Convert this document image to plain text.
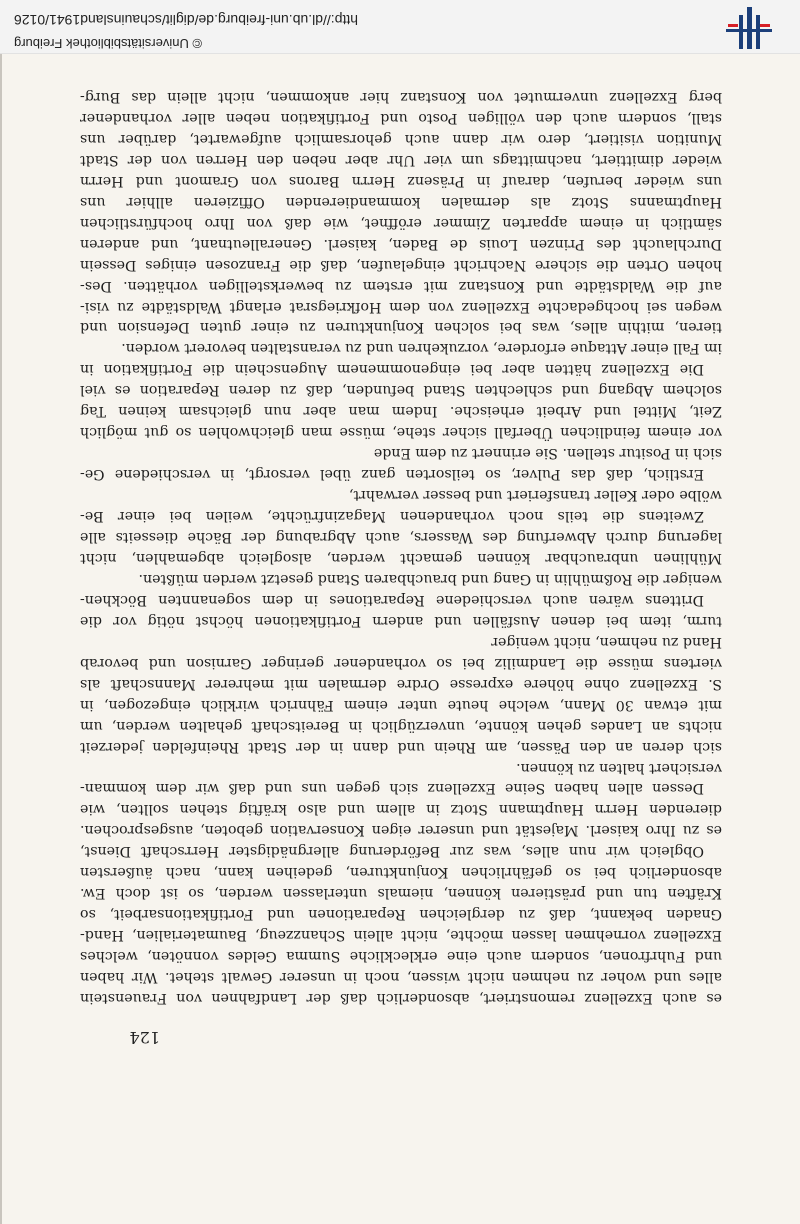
124
es auch Exzellenz remonstriert, absonderlich daß der Landfahnen von Frauenstein
alles und woher zu nehmen nicht wissen, noch in unserer Gewalt stehet. Wir haben
und Fuhrfronen, sondern auch eine erkleckliche Summa Geldes vonnöten, welches
Exzellenz vornehmen lassen möchte, nicht allein Schanzzeug, Baumaterialien, Hand-
Gnaden bekannt, daß zu dergleichen Reparationen und Fortifikationsarbeit, so
Kräften tun und prästieren können, niemals unterlassen werden, so ist doch Ew.
absonderlich bei so gefährlichen Konjunkturen, gedeihen kann, nach äußersten
Obgleich wir nun alles, was zur Beförderung allergnädigster Herrschaft Dienst,
es zu Ihro kaiserl. Majestät und unserer eigen Konservation geboten, ausgesprochen.
dierenden Herrn Hauptmann Stotz in allem und also kräftig stehen sollten, wie
Dessen allen haben Seine Exzellenz sich gegen uns und daß wir dem komman-
versichert halten zu können.
sich deren an den Pässen, am Rhein und dann in der Stadt Rheinfelden jederzeit
nichts an Landes gehen könnte, unverzüglich in Bereitschaft gehalten werden, um
mit etwan 30 Mann, welche heute unter einem Fähnrich wirklich eingezogen, in
S. Exzellenz ohne höhere expresse Ordre dermalen mit mehrerer Mannschaft als
viertens müsse die Landmiliz bei so vorhandener geringer Garnison und bevorab
Hand zu nehmen, nicht weniger
turm, item bei denen Ausfällen und andern Fortifikationen höchst nötig vor die
Drittens wären auch verschiedene Reparationes in dem sogenannten Böckhen-
weniger die Roßmühlin in Gang und brauchbaren Stand gesetzt werden müßten.
Mühlinen unbrauchbar können gemacht werden, alsogleich abgemahlen, nicht
lagerung durch Abwerfung des Wassers, auch Abgrabung der Bäche diesseits alle
Zweitens die teils noch vorhandenen Magazinfrüchte, weilen bei einer Be-
wölbe oder Keller transferiert und besser verwahrt,
Erstlich, daß das Pulver, so teilsorten ganz übel versorgt, in verschiedene Ge-
sich in Positur stellen. Sie erinnert zu dem Ende
vor einem feindlichen Überfall sicher stehe, müsse man gleichwohlen so gut möglich
Zeit, Mittel und Arbeit erheische. Indem man aber nun gleichsam keinen Tag
solchem Abgang und schlechten Stand befunden, daß zu deren Reparation es viel
Die Exzellenz hätten aber bei eingenommenem Augenschein die Fortifikation in
im Fall einer Attaque erfordere, vorzukehren und zu veranstalten bevorert worden.
tieren, mithin alles, was bei solchen Konjunkturen zu einer guten Defension und
wegen sei hochgedachte Exzellenz von dem Hofkriegsrat erlangt Waldstädte zu visi-
auf die Waldstädte und Konstanz mit erstem zu bewerkstelligen vorhätten. Des-
hohen Orten die sichere Nachricht eingelaufen, daß die Franzosen einiges Dessein
Durchlaucht des Prinzen Louis de Baden, kaiserl. Generalleutnant, und anderen
sämtlich in einem apparten Zimmer eröffnet, wie daß von Ihro hochfürstlichen
Hauptmanns Stotz als dermalen kommandierenden Offizieren allhier uns
uns wieder berufen, darauf in Präsenz Herrn Barons von Gramont und Herrn
wieder dimittiert, nachmittags um vier Uhr aber neben den Herren von der Stadt
Munition visitiert, dero wir dann auch gehorsamlich aufgewartet, darüber uns
stall, sondern auch den völligen Posto und Fortifikation neben aller vorhandener
berg Exzellenz unvermutet von Konstanz hier ankommen, nicht allein das Burg-
© Universitätsbibliothek Freiburg
http://dl.ub.uni-freiburg.de/diglit/schauinsland1941/0126
